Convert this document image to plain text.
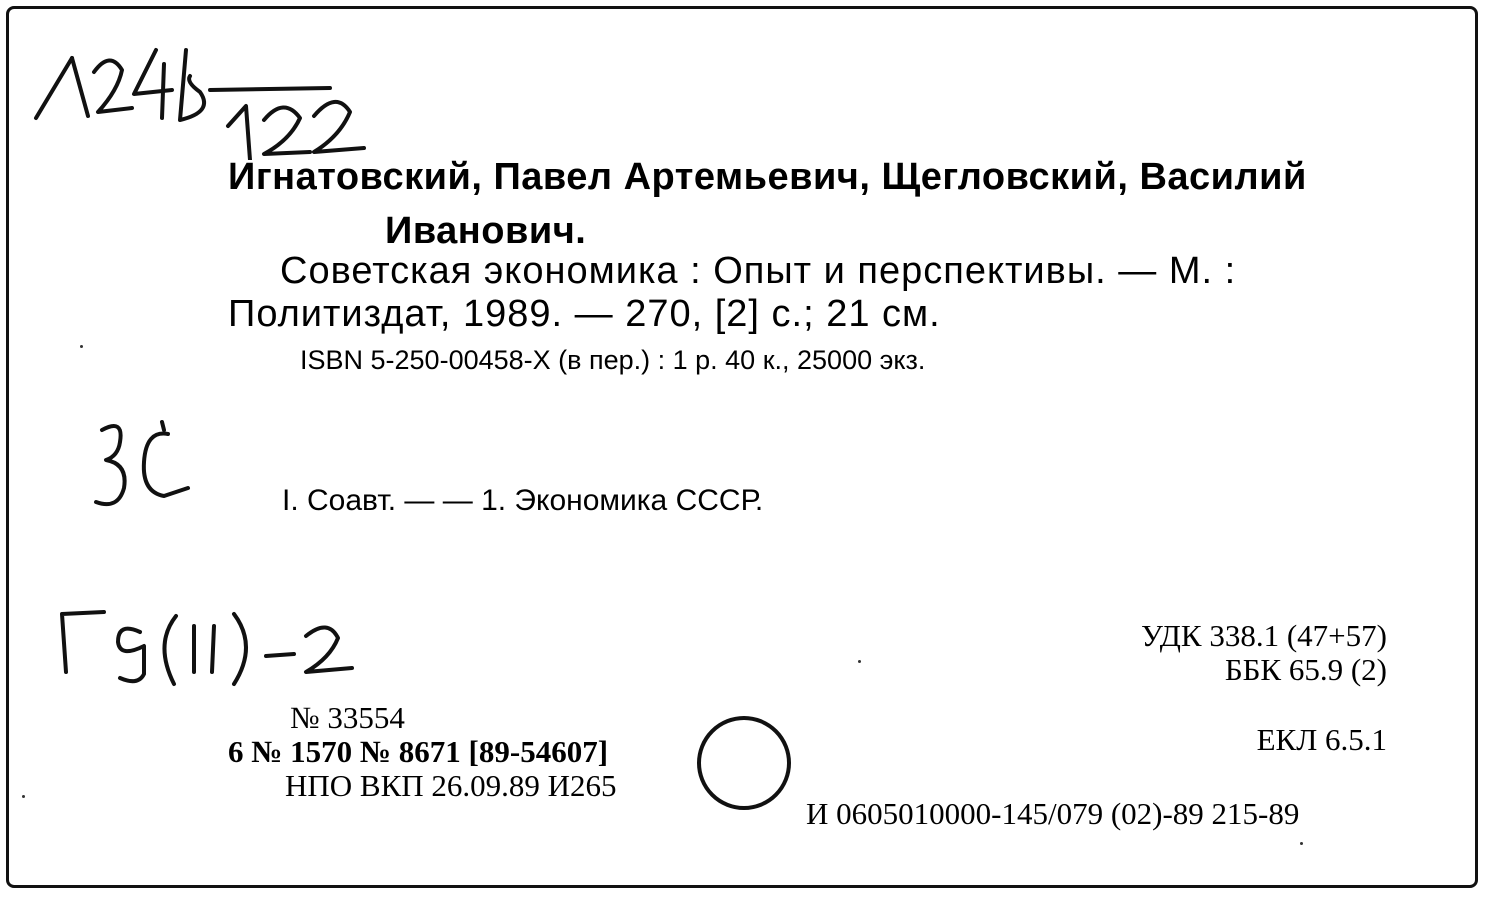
Игнатовский, Павел Артемьевич, Щегловский, Василий
Иванович.
Советская экономика : Опыт и перспективы. — М. :
Политиздат, 1989. — 270, [2] с.; 21 см.
ISBN 5-250-00458-X (в пер.) : 1 р. 40 к., 25000 экз.
I. Соавт. — — 1. Экономика СССР.
УДК 338.1 (47+57)
ББК 65.9 (2)
ЕКЛ 6.5.1
№ 33554
6 № 1570 № 8671 [89-54607]
НПО ВКП 26.09.89 И265
И 0605010000-145/079 (02)-89 215-89
